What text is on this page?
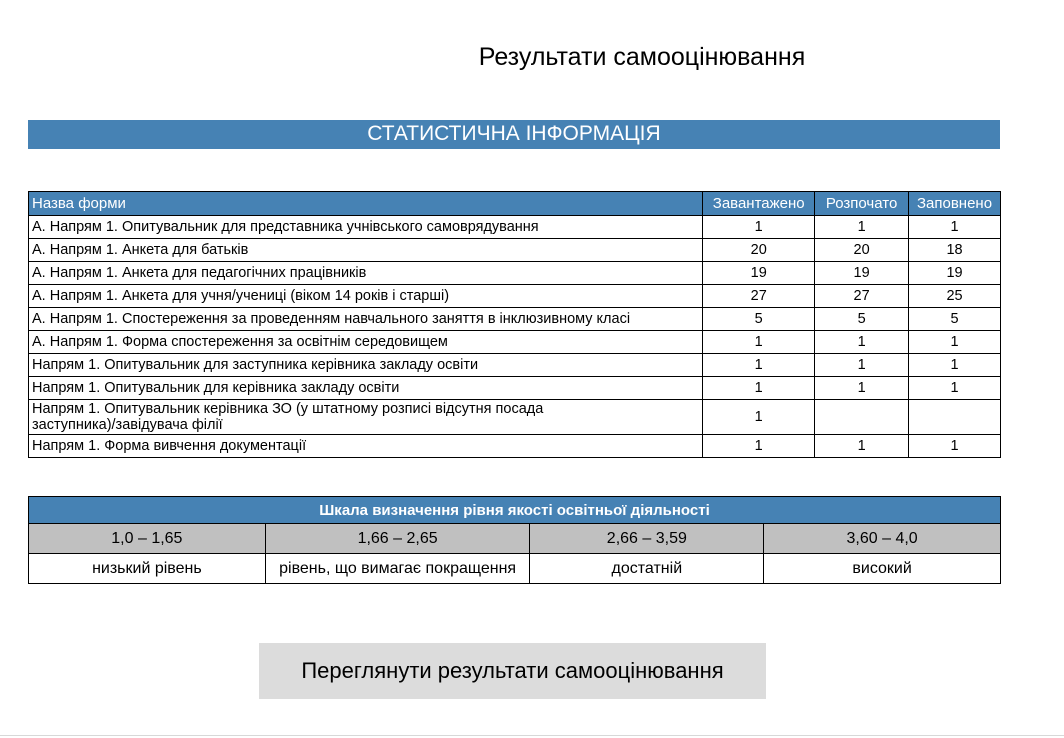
Результати самооцінювання
СТАТИСТИЧНА ІНФОРМАЦІЯ
Назва форми	Завантажено	Розпочато	Заповнено
А. Напрям 1. Опитувальник для представника учнівського самоврядування	1	1	1
А. Напрям 1. Анкета для батьків	20	20	18
А. Напрям 1. Анкета для педагогічних працівників	19	19	19
А. Напрям 1. Анкета для учня/учениці (віком 14 років і старші)	27	27	25
А. Напрям 1. Спостереження за проведенням навчального заняття в інклюзивному класі	5	5	5
А. Напрям 1. Форма спостереження за освітнім середовищем	1	1	1
Напрям 1. Опитувальник для заступника керівника закладу освіти	1	1	1
Напрям 1. Опитувальник для керівника закладу освіти	1	1	1

Напрям 1. Опитувальник керівника ЗО (у штатному розписі відсутня посада заступника)/завідувача філії	1		
Напрям 1. Форма вивчення документації	1	1	1
Шкала визначення рівня якості освітньої діяльності			
1,0 – 1,65	1,66 – 2,65	2,66 – 3,59	3,60 – 4,0
низький рівень	рівень, що вимагає покращення	достатній	високий
Переглянути результати самооцінювання
